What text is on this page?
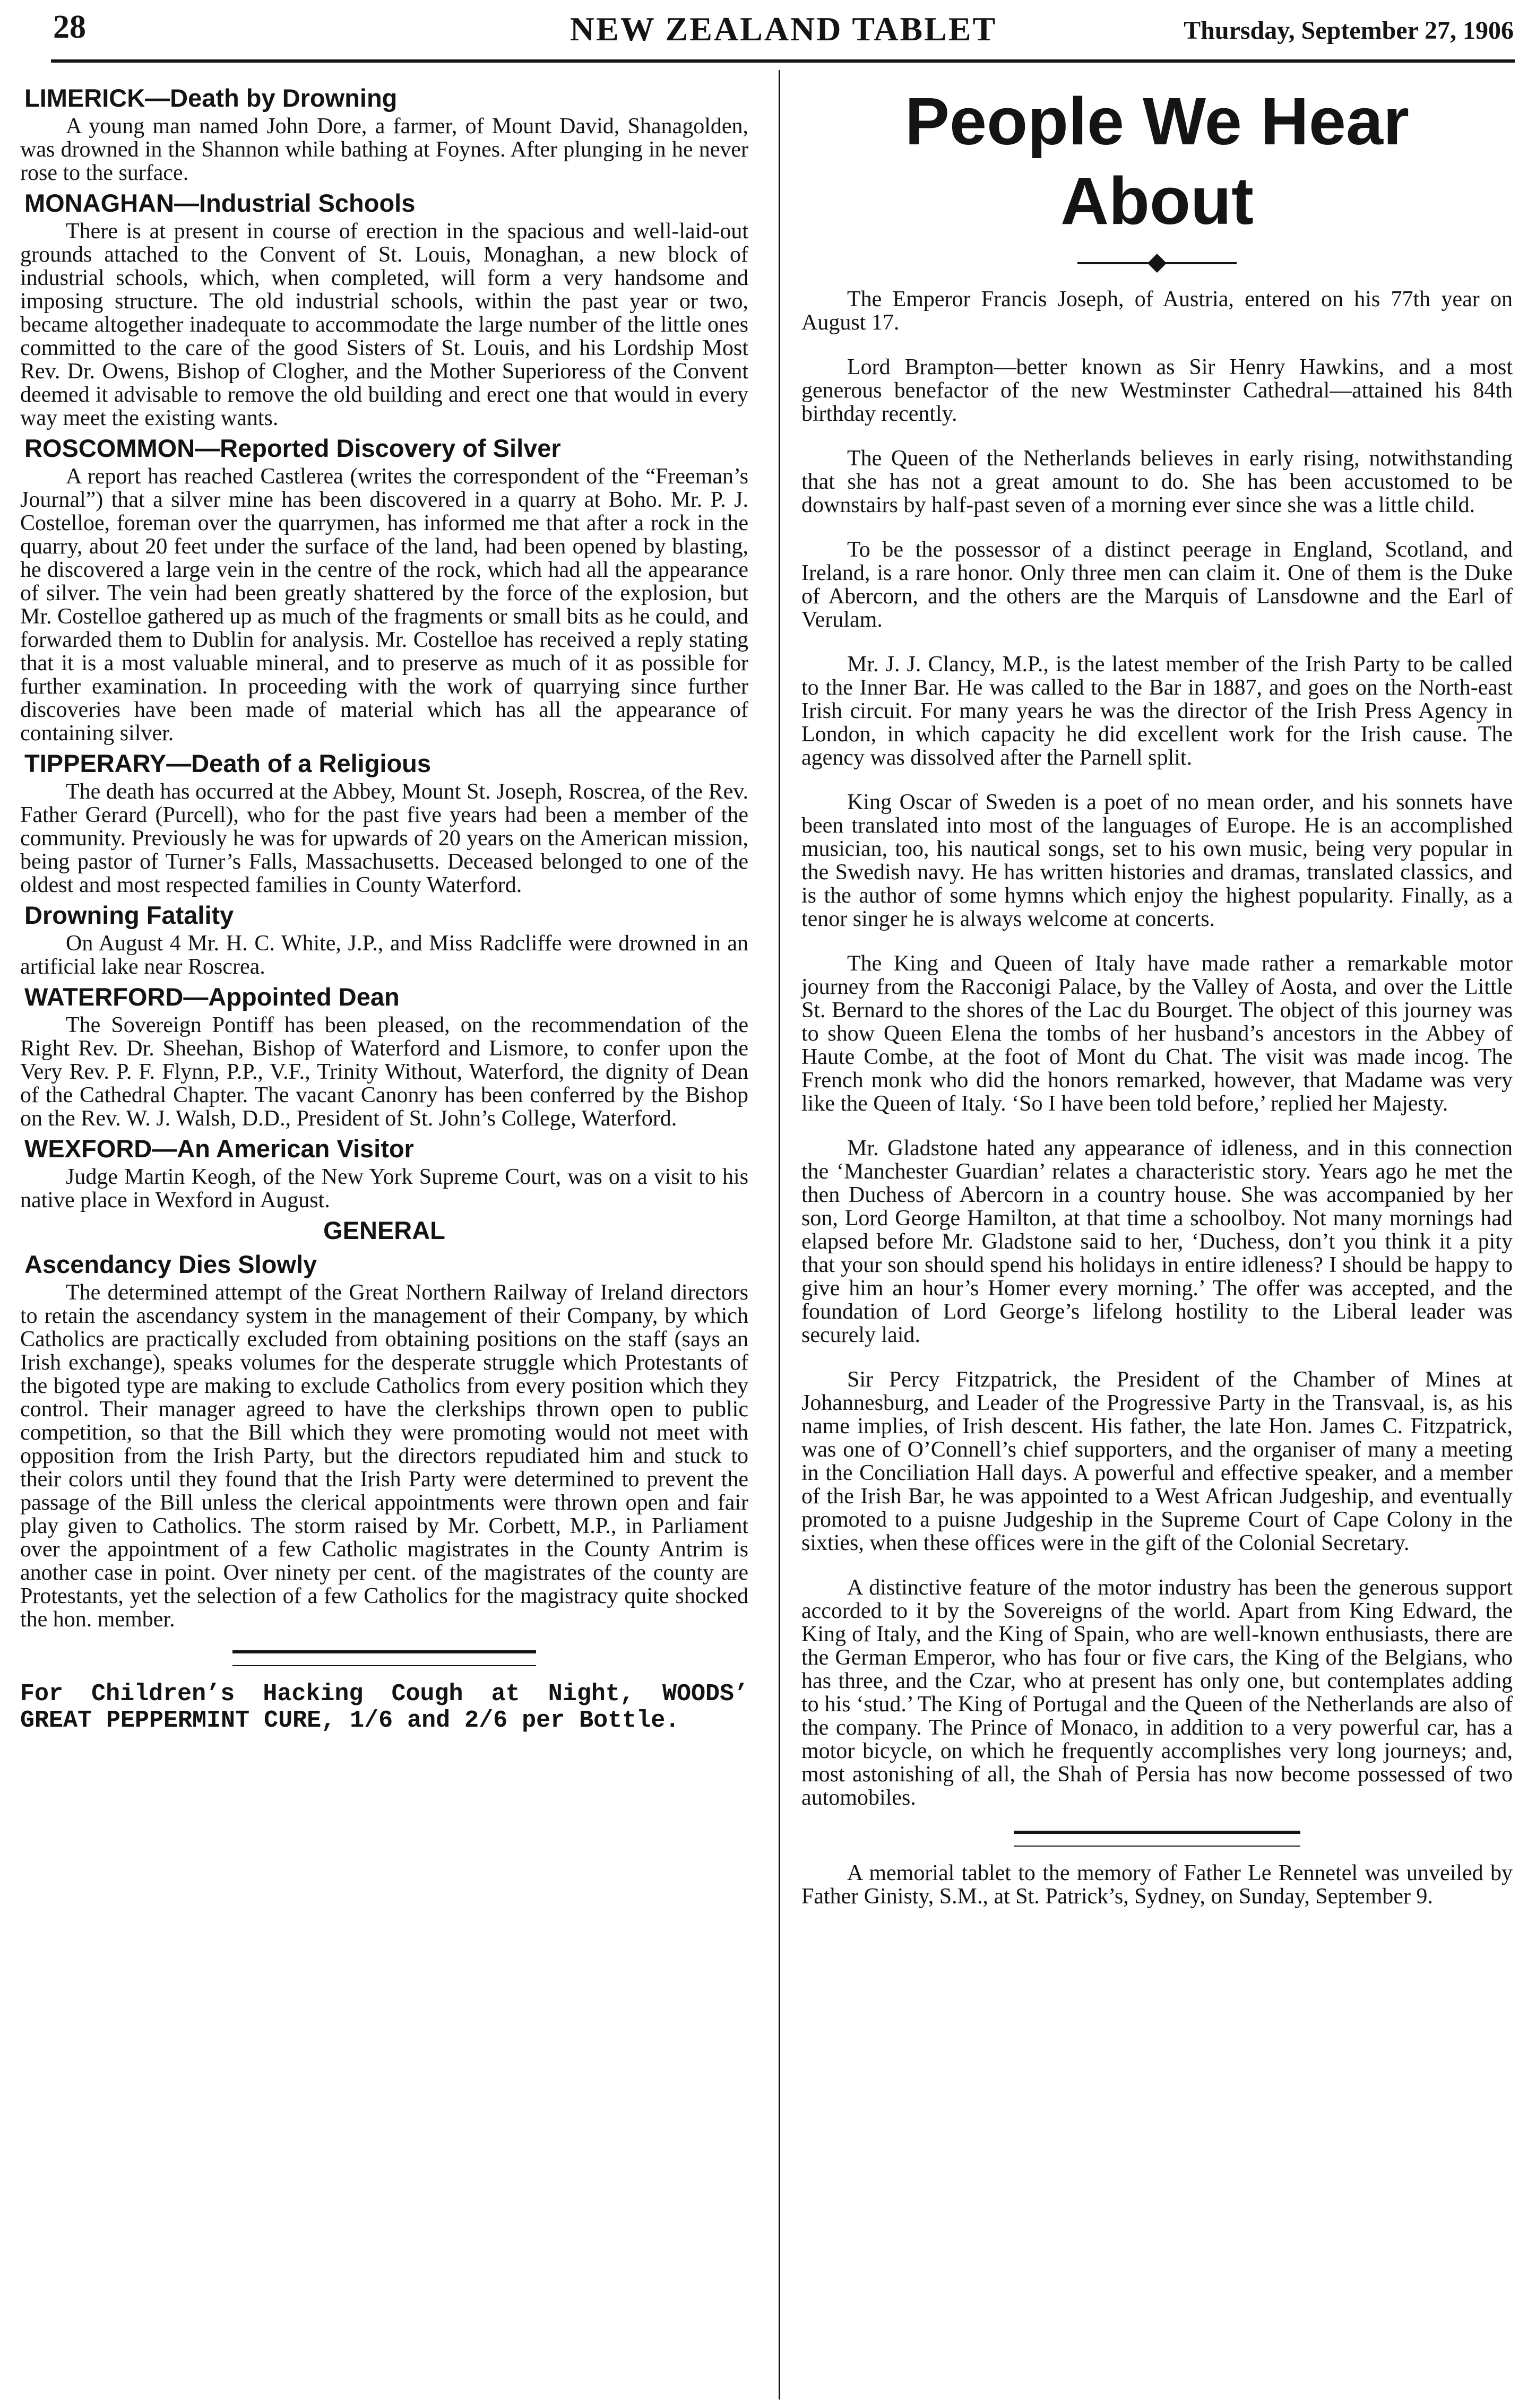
28	NEW ZEALAND TABLET	Thursday, September 27, 1906
LIMERICK—Death by Drowning

A young man named John Dore, a farmer, of Mount David, Shanagolden, was drowned in the Shannon while bathing at Foynes. After plunging in he never rose to the surface.

MONAGHAN—Industrial Schools

There is at present in course of erection in the spacious and well-laid-out grounds attached to the Convent of St. Louis, Monaghan, a new block of industrial schools, which, when completed, will form a very handsome and imposing structure. The old industrial schools, within the past year or two, became altogether inadequate to accommodate the large number of the little ones committed to the care of the good Sisters of St. Louis, and his Lordship Most Rev. Dr. Owens, Bishop of Clogher, and the Mother Superioress of the Convent deemed it advisable to remove the old building and erect one that would in every way meet the existing wants.

ROSCOMMON—Reported Discovery of Silver

A report has reached Castlerea (writes the correspondent of the “Freeman’s Journal”) that a silver mine has been discovered in a quarry at Boho. Mr. P. J. Costelloe, foreman over the quarrymen, has informed me that after a rock in the quarry, about 20 feet under the surface of the land, had been opened by blasting, he discovered a large vein in the centre of the rock, which had all the appearance of silver. The vein had been greatly shattered by the force of the explosion, but Mr. Costelloe gathered up as much of the fragments or small bits as he could, and forwarded them to Dublin for analysis. Mr. Costelloe has received a reply stating that it is a most valuable mineral, and to preserve as much of it as possible for further examination. In proceeding with the work of quarrying since further discoveries have been made of material which has all the appearance of containing silver.

TIPPERARY—Death of a Religious

The death has occurred at the Abbey, Mount St. Joseph, Roscrea, of the Rev. Father Gerard (Purcell), who for the past five years had been a member of the community. Previously he was for upwards of 20 years on the American mission, being pastor of Turner’s Falls, Massachusetts. Deceased belonged to one of the oldest and most respected families in County Waterford.

Drowning Fatality

On August 4 Mr. H. C. White, J.P., and Miss Radcliffe were drowned in an artificial lake near Roscrea.

WATERFORD—Appointed Dean

The Sovereign Pontiff has been pleased, on the recommendation of the Right Rev. Dr. Sheehan, Bishop of Waterford and Lismore, to confer upon the Very Rev. P. F. Flynn, P.P., V.F., Trinity Without, Waterford, the dignity of Dean of the Cathedral Chapter. The vacant Canonry has been conferred by the Bishop on the Rev. W. J. Walsh, D.D., President of St. John’s College, Waterford.

WEXFORD—An American Visitor

Judge Martin Keogh, of the New York Supreme Court, was on a visit to his native place in Wexford in August.

GENERAL
Ascendancy Dies Slowly

The determined attempt of the Great Northern Railway of Ireland directors to retain the ascendancy system in the management of their Company, by which Catholics are practically excluded from obtaining positions on the staff (says an Irish exchange), speaks volumes for the desperate struggle which Protestants of the bigoted type are making to exclude Catholics from every position which they control. Their manager agreed to have the clerkships thrown open to public competition, so that the Bill which they were promoting would not meet with opposition from the Irish Party, but the directors repudiated him and stuck to their colors until they found that the Irish Party were determined to prevent the passage of the Bill unless the clerical appointments were thrown open and fair play given to Catholics. The storm raised by Mr. Corbett, M.P., in Parliament over the appointment of a few Catholic magistrates in the County Antrim is another case in point. Over ninety per cent. of the magistrates of the county are Protestants, yet the selection of a few Catholics for the magistracy quite shocked the hon. member.

For Children’s Hacking Cough at Night, WOODS’ GREAT PEPPERMINT CURE, 1/6 and 2/6 per Bottle.
People We Hear About

The Emperor Francis Joseph, of Austria, entered on his 77th year on August 17.

Lord Brampton—better known as Sir Henry Hawkins, and a most generous benefactor of the new Westminster Cathedral—attained his 84th birthday recently.

The Queen of the Netherlands believes in early rising, notwithstanding that she has not a great amount to do. She has been accustomed to be downstairs by half-past seven of a morning ever since she was a little child.

To be the possessor of a distinct peerage in England, Scotland, and Ireland, is a rare honor. Only three men can claim it. One of them is the Duke of Abercorn, and the others are the Marquis of Lansdowne and the Earl of Verulam.

Mr. J. J. Clancy, M.P., is the latest member of the Irish Party to be called to the Inner Bar. He was called to the Bar in 1887, and goes on the North-east Irish circuit. For many years he was the director of the Irish Press Agency in London, in which capacity he did excellent work for the Irish cause. The agency was dissolved after the Parnell split.

King Oscar of Sweden is a poet of no mean order, and his sonnets have been translated into most of the languages of Europe. He is an accomplished musician, too, his nautical songs, set to his own music, being very popular in the Swedish navy. He has written histories and dramas, translated classics, and is the author of some hymns which enjoy the highest popularity. Finally, as a tenor singer he is always welcome at concerts.

The King and Queen of Italy have made rather a remarkable motor journey from the Racconigi Palace, by the Valley of Aosta, and over the Little St. Bernard to the shores of the Lac du Bourget. The object of this journey was to show Queen Elena the tombs of her husband’s ancestors in the Abbey of Haute Combe, at the foot of Mont du Chat. The visit was made incog. The French monk who did the honors remarked, however, that Madame was very like the Queen of Italy. ‘So I have been told before,’ replied her Majesty.

Mr. Gladstone hated any appearance of idleness, and in this connection the ‘Manchester Guardian’ relates a characteristic story. Years ago he met the then Duchess of Abercorn in a country house. She was accompanied by her son, Lord George Hamilton, at that time a schoolboy. Not many mornings had elapsed before Mr. Gladstone said to her, ‘Duchess, don’t you think it a pity that your son should spend his holidays in entire idleness? I should be happy to give him an hour’s Homer every morning.’ The offer was accepted, and the foundation of Lord George’s lifelong hostility to the Liberal leader was securely laid.

Sir Percy Fitzpatrick, the President of the Chamber of Mines at Johannesburg, and Leader of the Progressive Party in the Transvaal, is, as his name implies, of Irish descent. His father, the late Hon. James C. Fitzpatrick, was one of O’Connell’s chief supporters, and the organiser of many a meeting in the Conciliation Hall days. A powerful and effective speaker, and a member of the Irish Bar, he was appointed to a West African Judgeship, and eventually promoted to a puisne Judgeship in the Supreme Court of Cape Colony in the sixties, when these offices were in the gift of the Colonial Secretary.

A distinctive feature of the motor industry has been the generous support accorded to it by the Sovereigns of the world. Apart from King Edward, the King of Italy, and the King of Spain, who are well-known enthusiasts, there are the German Emperor, who has four or five cars, the King of the Belgians, who has three, and the Czar, who at present has only one, but contemplates adding to his ‘stud.’ The King of Portugal and the Queen of the Netherlands are also of the company. The Prince of Monaco, in addition to a very powerful car, has a motor bicycle, on which he frequently accomplishes very long journeys; and, most astonishing of all, the Shah of Persia has now become possessed of two automobiles.

A memorial tablet to the memory of Father Le Rennetel was unveiled by Father Ginisty, S.M., at St. Patrick’s, Sydney, on Sunday, September 9.
